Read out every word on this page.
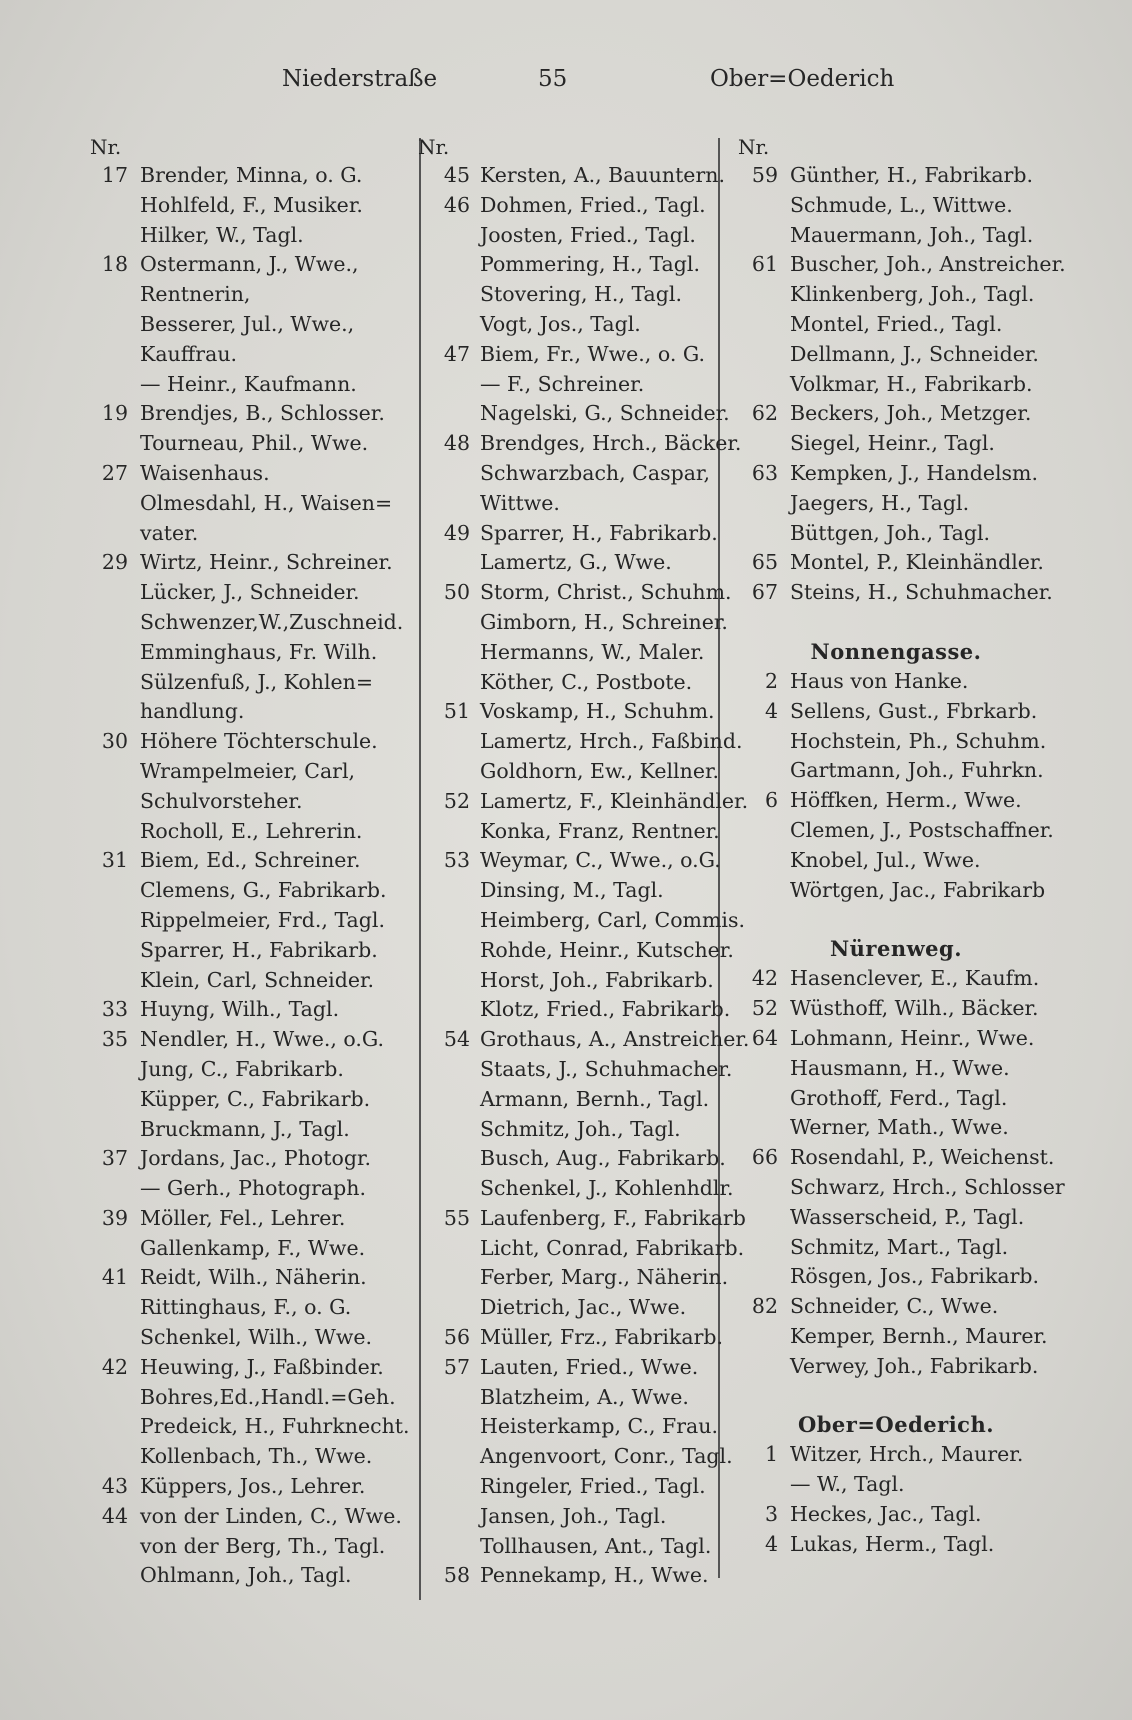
Niederstraße	55	Ober=Oederich
Nr.
17 Brender, Minna, o. G.
Hohlfeld, F., Musiker.
Hilker, W., Tagl.
18 Ostermann, J., Wwe.,
Rentnerin,
Besserer, Jul., Wwe.,
Kauffrau.
— Heinr., Kaufmann.
19 Brendjes, B., Schlosser.
Tourneau, Phil., Wwe.
27 Waisenhaus.
Olmesdahl, H., Waisen=
vater.
29 Wirtz, Heinr., Schreiner.
Lücker, J., Schneider.
Schwenzer,W.,Zuschneid.
Emminghaus, Fr. Wilh.
Sülzenfuß, J., Kohlen=
handlung.
30 Höhere Töchterschule.
Wrampelmeier, Carl,
Schulvorsteher.
Rocholl, E., Lehrerin.
31 Biem, Ed., Schreiner.
Clemens, G., Fabrikarb.
Rippelmeier, Frd., Tagl.
Sparrer, H., Fabrikarb.
Klein, Carl, Schneider.
33 Huyng, Wilh., Tagl.
35 Nendler, H., Wwe., o.G.
Jung, C., Fabrikarb.
Küpper, C., Fabrikarb.
Bruckmann, J., Tagl.
37 Jordans, Jac., Photogr.
— Gerh., Photograph.
39 Möller, Fel., Lehrer.
Gallenkamp, F., Wwe.
41 Reidt, Wilh., Näherin.
Rittinghaus, F., o. G.
Schenkel, Wilh., Wwe.
42 Heuwing, J., Faßbinder.
Bohres,Ed.,Handl.=Geh.
Predeick, H., Fuhrknecht.
Kollenbach, Th., Wwe.
43 Küppers, Jos., Lehrer.
44 von der Linden, C., Wwe.
von der Berg, Th., Tagl.
Ohlmann, Joh., Tagl.
Nr.
45 Kersten, A., Bauuntern.
46 Dohmen, Fried., Tagl.
Joosten, Fried., Tagl.
Pommering, H., Tagl.
Stovering, H., Tagl.
Vogt, Jos., Tagl.
47 Biem, Fr., Wwe., o. G.
— F., Schreiner.
Nagelski, G., Schneider.
48 Brendges, Hrch., Bäcker.
Schwarzbach, Caspar,
Wittwe.
49 Sparrer, H., Fabrikarb.
Lamertz, G., Wwe.
50 Storm, Christ., Schuhm.
Gimborn, H., Schreiner.
Hermanns, W., Maler.
Köther, C., Postbote.
51 Voskamp, H., Schuhm.
Lamertz, Hrch., Faßbind.
Goldhorn, Ew., Kellner.
52 Lamertz, F., Kleinhändler.
Konka, Franz, Rentner.
53 Weymar, C., Wwe., o.G.
Dinsing, M., Tagl.
Heimberg, Carl, Commis.
Rohde, Heinr., Kutscher.
Horst, Joh., Fabrikarb.
Klotz, Fried., Fabrikarb.
54 Grothaus, A., Anstreicher.
Staats, J., Schuhmacher.
Armann, Bernh., Tagl.
Schmitz, Joh., Tagl.
Busch, Aug., Fabrikarb.
Schenkel, J., Kohlenhdlr.
55 Laufenberg, F., Fabrikarb
Licht, Conrad, Fabrikarb.
Ferber, Marg., Näherin.
Dietrich, Jac., Wwe.
56 Müller, Frz., Fabrikarb.
57 Lauten, Fried., Wwe.
Blatzheim, A., Wwe.
Heisterkamp, C., Frau.
Angenvoort, Conr., Tagl.
Ringeler, Fried., Tagl.
Jansen, Joh., Tagl.
Tollhausen, Ant., Tagl.
58 Pennekamp, H., Wwe.
Nr.
59 Günther, H., Fabrikarb.
Schmude, L., Wittwe.
Mauermann, Joh., Tagl.
61 Buscher, Joh., Anstreicher.
Klinkenberg, Joh., Tagl.
Montel, Fried., Tagl.
Dellmann, J., Schneider.
Volkmar, H., Fabrikarb.
62 Beckers, Joh., Metzger.
Siegel, Heinr., Tagl.
63 Kempken, J., Handelsm.
Jaegers, H., Tagl.
Büttgen, Joh., Tagl.
65 Montel, P., Kleinhändler.
67 Steins, H., Schuhmacher.
Nonnengasse.
2 Haus von Hanke.
4 Sellens, Gust., Fbrkarb.
Hochstein, Ph., Schuhm.
Gartmann, Joh., Fuhrkn.
6 Höffken, Herm., Wwe.
Clemen, J., Postschaffner.
Knobel, Jul., Wwe.
Wörtgen, Jac., Fabrikarb
Nürenweg.
42 Hasenclever, E., Kaufm.
52 Wüsthoff, Wilh., Bäcker.
64 Lohmann, Heinr., Wwe.
Hausmann, H., Wwe.
Grothoff, Ferd., Tagl.
Werner, Math., Wwe.
66 Rosendahl, P., Weichenst.
Schwarz, Hrch., Schlosser
Wasserscheid, P., Tagl.
Schmitz, Mart., Tagl.
Rösgen, Jos., Fabrikarb.
82 Schneider, C., Wwe.
Kemper, Bernh., Maurer.
Verwey, Joh., Fabrikarb.
Ober=Oederich.
1 Witzer, Hrch., Maurer.
— W., Tagl.
3 Heckes, Jac., Tagl.
4 Lukas, Herm., Tagl.
